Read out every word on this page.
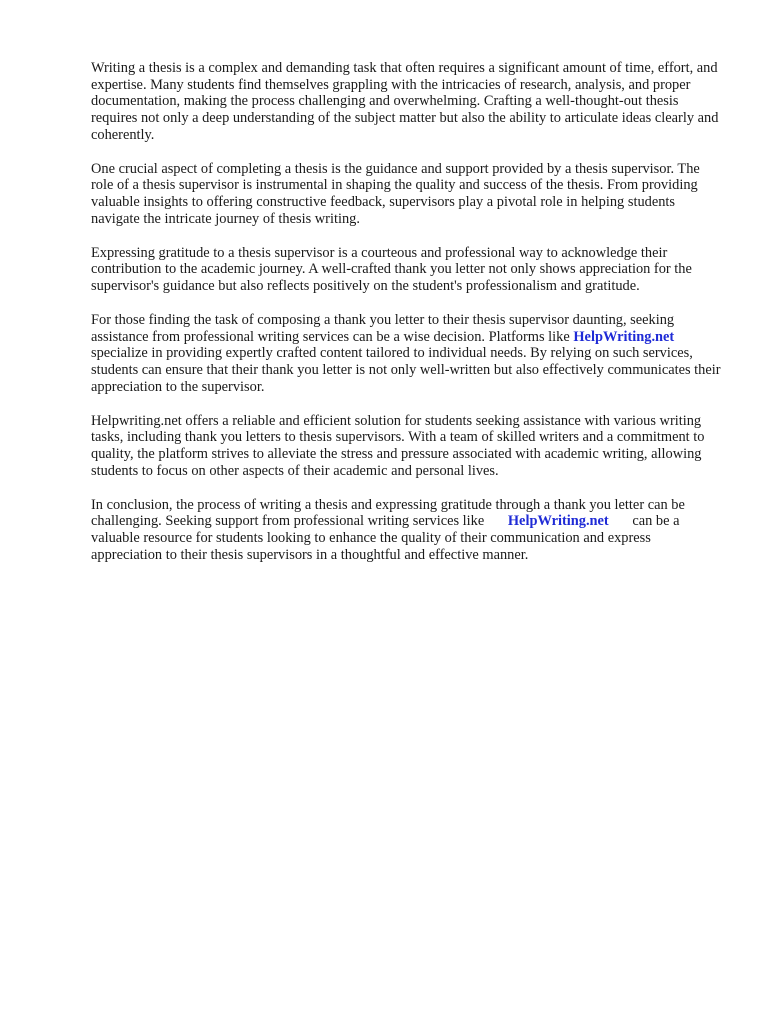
Writing a thesis is a complex and demanding task that often requires a significant amount of time, effort, and expertise. Many students find themselves grappling with the intricacies of research, analysis, and proper documentation, making the process challenging and overwhelming. Crafting a well-thought-out thesis requires not only a deep understanding of the subject matter but also the ability to articulate ideas clearly and coherently.

One crucial aspect of completing a thesis is the guidance and support provided by a thesis supervisor. The role of a thesis supervisor is instrumental in shaping the quality and success of the thesis. From providing valuable insights to offering constructive feedback, supervisors play a pivotal role in helping students navigate the intricate journey of thesis writing.

Expressing gratitude to a thesis supervisor is a courteous and professional way to acknowledge their contribution to the academic journey. A well-crafted thank you letter not only shows appreciation for the supervisor's guidance but also reflects positively on the student's professionalism and gratitude.

For those finding the task of composing a thank you letter to their thesis supervisor daunting, seeking assistance from professional writing services can be a wise decision. Platforms like HelpWriting.net specialize in providing expertly crafted content tailored to individual needs. By relying on such services, students can ensure that their thank you letter is not only well-written but also effectively communicates their appreciation to the supervisor.

Helpwriting.net offers a reliable and efficient solution for students seeking assistance with various writing tasks, including thank you letters to thesis supervisors. With a team of skilled writers and a commitment to quality, the platform strives to alleviate the stress and pressure associated with academic writing, allowing students to focus on other aspects of their academic and personal lives.

In conclusion, the process of writing a thesis and expressing gratitude through a thank you letter can be challenging. Seeking support from professional writing services like HelpWriting.net can be a valuable resource for students looking to enhance the quality of their communication and express appreciation to their thesis supervisors in a thoughtful and effective manner.
